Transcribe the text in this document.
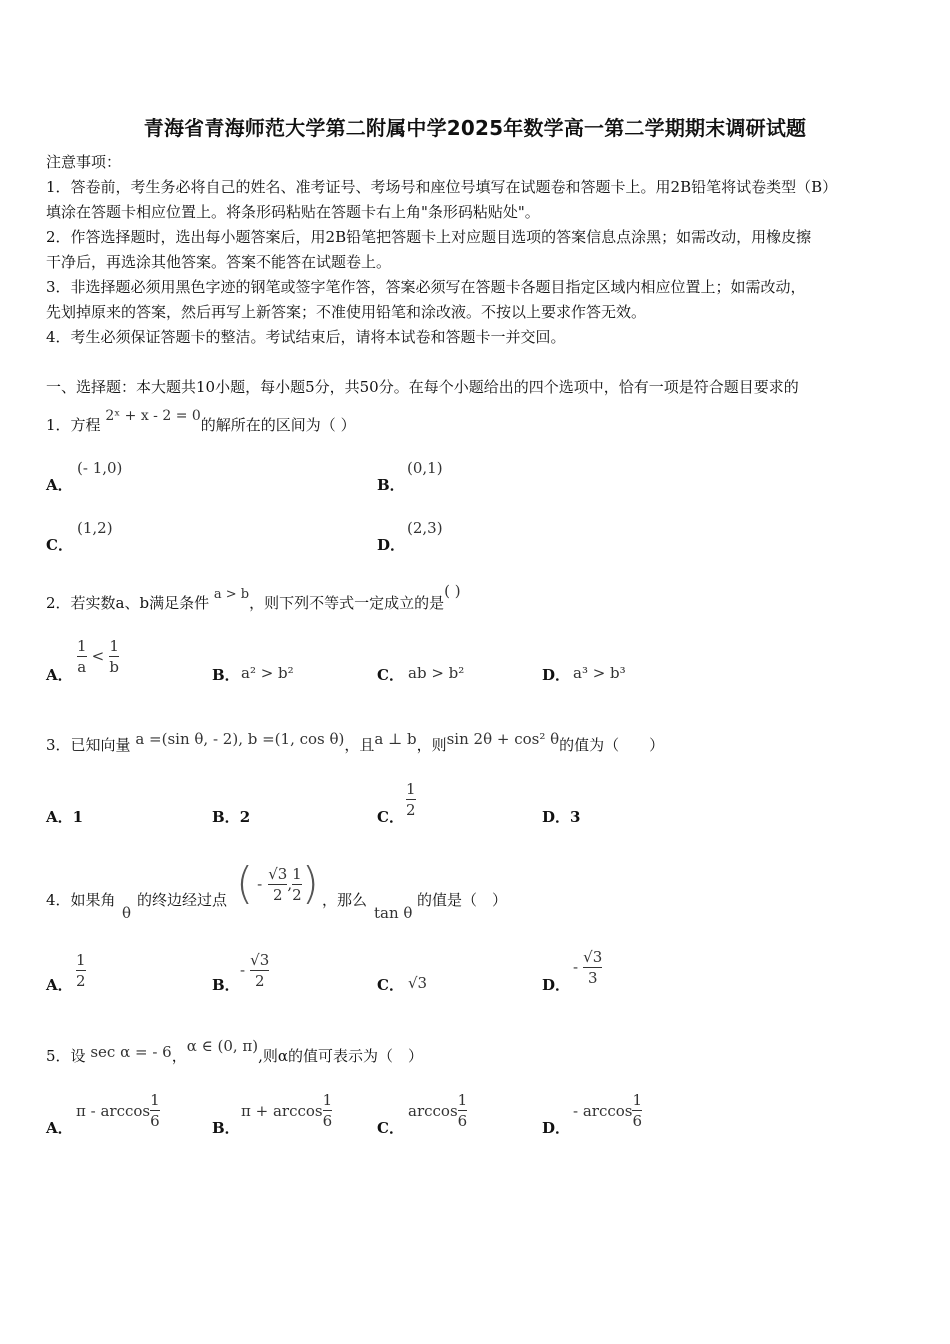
青海省青海师范大学第二附属中学2025年数学高一第二学期期末调研试题
注意事项：
1．答卷前，考生务必将自己的姓名、准考证号、考场号和座位号填写在试题卷和答题卡上。用2B铅笔将试卷类型（B）
填涂在答题卡相应位置上。将条形码粘贴在答题卡右上角"条形码粘贴处"。
2．作答选择题时，选出每小题答案后，用2B铅笔把答题卡上对应题目选项的答案信息点涂黑；如需改动，用橡皮擦
干净后，再选涂其他答案。答案不能答在试题卷上。
3．非选择题必须用黑色字迹的钢笔或签字笔作答，答案必须写在答题卡各题目指定区域内相应位置上；如需改动，
先划掉原来的答案，然后再写上新答案；不准使用铅笔和涂改液。不按以上要求作答无效。
4．考生必须保证答题卡的整洁。考试结束后，请将本试卷和答题卡一并交回。
一、选择题：本大题共10小题，每小题5分，共50分。在每个小题给出的四个选项中，恰有一项是符合题目要求的
1．方程 2ˣ + x - 2 = 0的解所在的区间为（ ）
A．
(- 1,0)
B．
(0,1)
C．
(1,2)
D．
(2,3)
2．若实数a、b满足条件 a > b，则下列不等式一定成立的是( )
A． $\frac{1}{a} < \frac{1}{b}$	B． a² > b²	C． ab > b²	D． a³ > b³
3．已知向量 a =(sin θ, - 2), b =(1, cos θ)，且a ⊥ b，则sin 2θ + cos² θ的值为（　　）
A．1	B．2	C． $\frac{1}{2}$	D．3
4．如果角
θ
的终边经过点 ( - $\frac{√3}{2}$ , $\frac{1}{2}$ ) ，那么
tan θ
的值是（　）
A． $\frac{1}{2}$	B．
- $\frac{√3}{2}$	C． √3	D．
- $\frac{√3}{3}$
5．设 sec α = - 6，α ∈ (0, π),则α的值可表示为（　）
A．
π - $\arccos \frac{1}{6}$	B．
$\pi + \arccos \frac{1}{6}$	C．
$\arccos \frac{1}{6}$	D．
- $\arccos \frac{1}{6}$
